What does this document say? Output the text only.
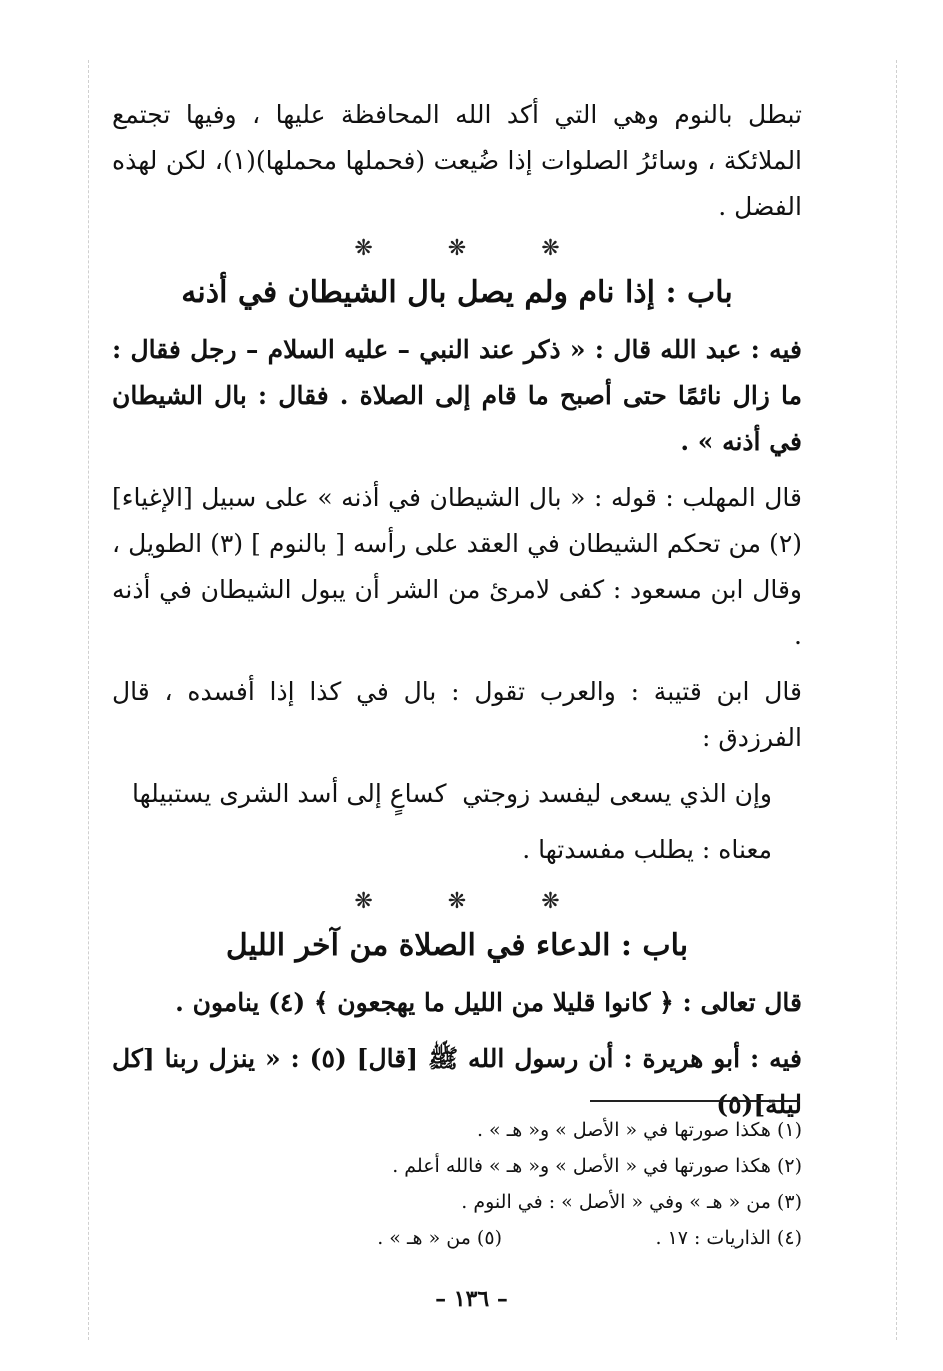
تبطل بالنوم وهي التي أكد الله المحافظة عليها ، وفيها تجتمع الملائكة ، وسائرُ الصلوات إذا ضُيعت (فحملها محملها)(١)، لكن لهذه الفضل .

❋	❋	❋
باب : إذا نام ولم يصل بال الشيطان في أذنه

فيه : عبد الله قال : « ذكر عند النبي – عليه السلام – رجل فقال : ما زال نائمًا حتى أصبح ما قام إلى الصلاة . فقال : بال الشيطان في أذنه » .

قال المهلب : قوله : « بال الشيطان في أذنه » على سبيل [الإغياء](٢) من تحكم الشيطان في العقد على رأسه [ بالنوم ] (٣) الطويل ، وقال ابن مسعود : كفى لامرئ من الشر أن يبول الشيطان في أذنه .

قال ابن قتيبة : والعرب تقول : بال في كذا إذا أفسده ، قال الفرزدق :

وإن الذي يسعى ليفسد زوجتي
كساعٍ إلى أسد الشرى يستبيلها

معناه : يطلب مفسدتها .

❋	❋	❋
باب : الدعاء في الصلاة من آخر الليل

قال تعالى : ﴿ كانوا قليلا من الليل ما يهجعون ﴾ (٤) ينامون .

فيه : أبو هريرة : أن رسول الله ﷺ [قال] (٥) : « ينزل ربنا [كل ليلة](٥)

(١) هكذا صورتها في « الأصل » و« هـ » .
(٢) هكذا صورتها في « الأصل » و« هـ » فالله أعلم .
(٣) من « هـ » وفي « الأصل » : في النوم .
(٤) الذاريات : ١٧ .
(٥) من « هـ » .
– ١٣٦ –
